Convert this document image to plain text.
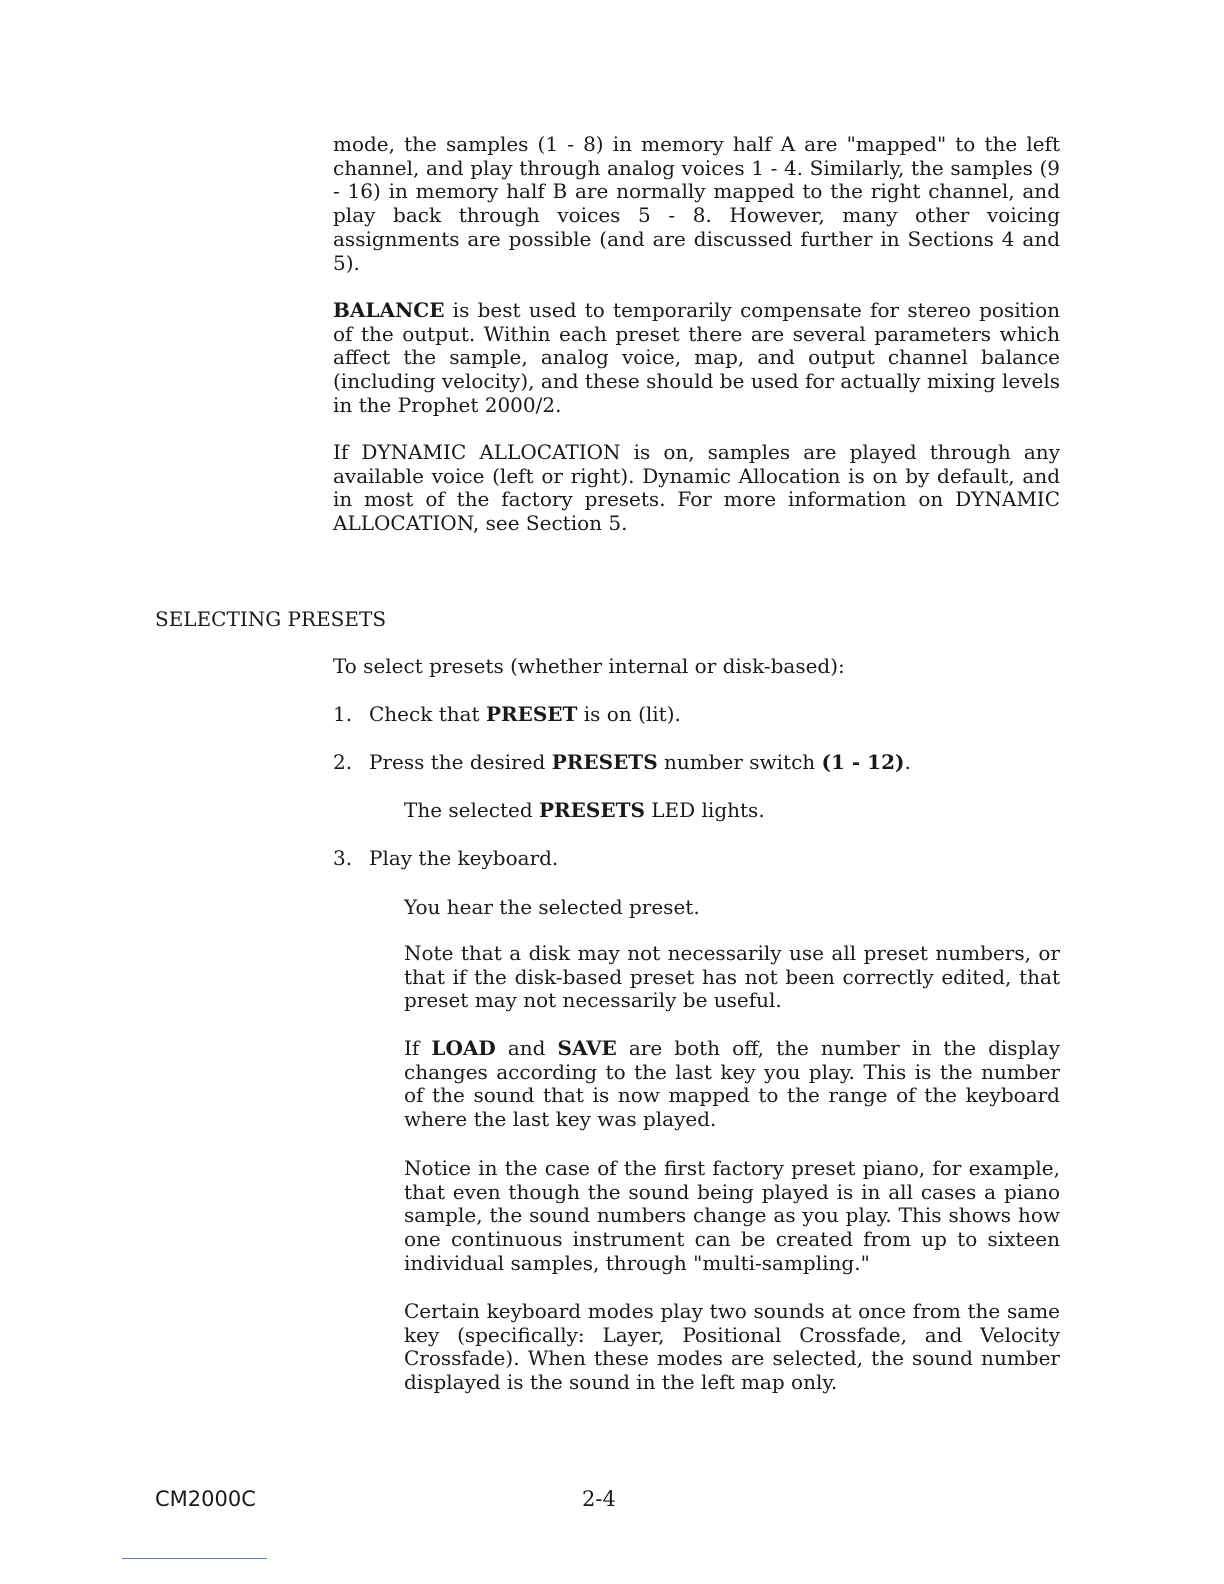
mode, the samples (1 - 8) in memory half A are "mapped" to the left channel, and play through analog voices 1 - 4. Similarly, the samples (9 - 16) in memory half B are normally mapped to the right channel, and play back through voices 5 - 8. However, many other voicing assignments are possible (and are discussed further in Sections 4 and 5).

BALANCE is best used to temporarily compensate for stereo position of the output. Within each preset there are several parameters which affect the sample, analog voice, map, and output channel balance (including velocity), and these should be used for actually mixing levels in the Prophet 2000/2.

If DYNAMIC ALLOCATION is on, samples are played through any available voice (left or right). Dynamic Allocation is on by default, and in most of the factory presets. For more information on DYNAMIC ALLOCATION, see Section 5.

SELECTING PRESETS

To select presets (whether internal or disk-based):

1. Check that PRESET is on (lit).

2. Press the desired PRESETS number switch (1 - 12).

The selected PRESETS LED lights.

3. Play the keyboard.

You hear the selected preset.

Note that a disk may not necessarily use all preset numbers, or that if the disk-based preset has not been correctly edited, that preset may not necessarily be useful.

If LOAD and SAVE are both off, the number in the display changes according to the last key you play. This is the number of the sound that is now mapped to the range of the keyboard where the last key was played.

Notice in the case of the first factory preset piano, for example, that even though the sound being played is in all cases a piano sample, the sound numbers change as you play. This shows how one continuous instrument can be created from up to sixteen individual samples, through "multi-sampling."

Certain keyboard modes play two sounds at once from the same key (specifically: Layer, Positional Crossfade, and Velocity Crossfade). When these modes are selected, the sound number displayed is the sound in the left map only.

CM2000C	2-4
